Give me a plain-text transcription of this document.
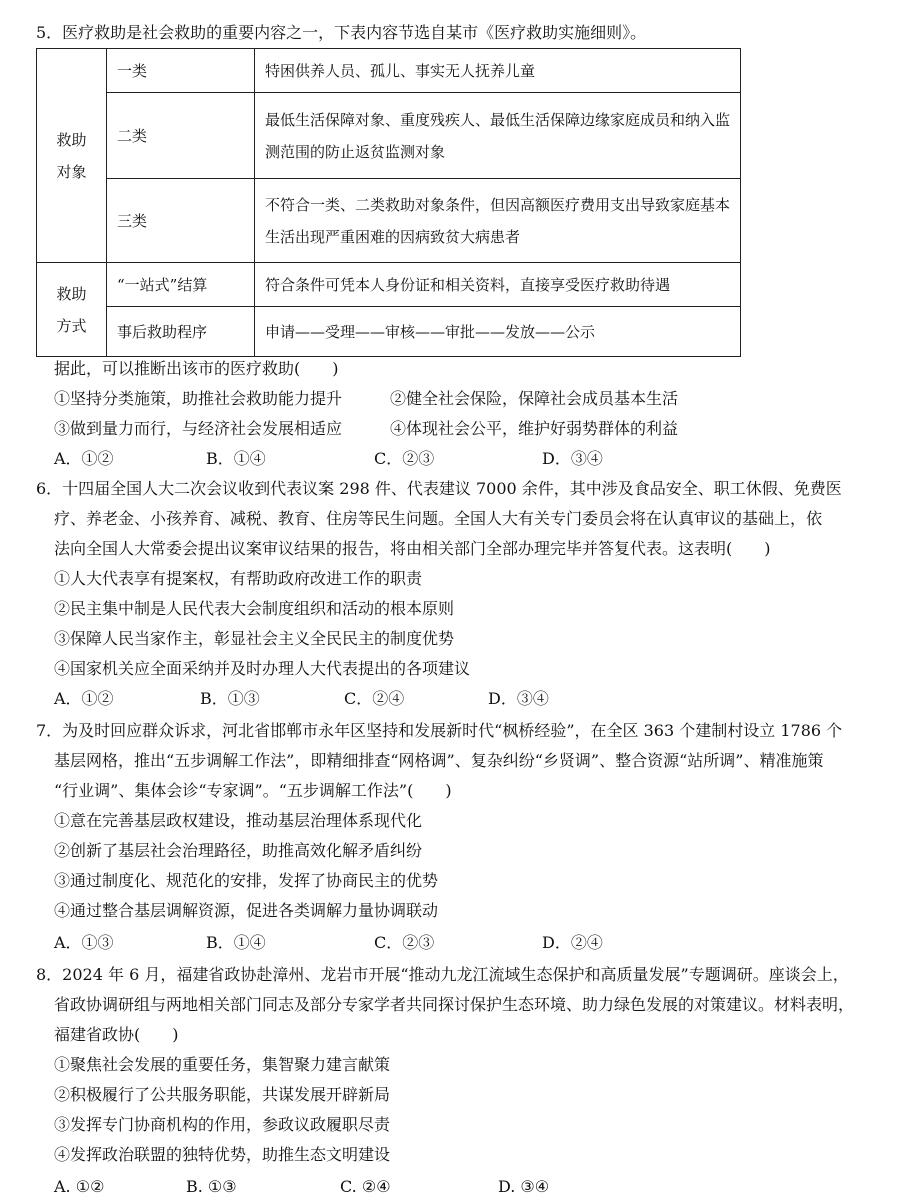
5．医疗救助是社会救助的重要内容之一，下表内容节选自某市《医疗救助实施细则》。
救助
对象	一类	特困供养人员、孤儿、事实无人抚养儿童
	二类	最低生活保障对象、重度残疾人、最低生活保障边缘家庭成员和纳入监测范围的防止返贫监测对象
	三类	不符合一类、二类救助对象条件，但因高额医疗费用支出导致家庭基本生活出现严重困难的因病致贫大病患者
救助
方式	“一站式”结算	符合条件可凭本人身份证和相关资料，直接享受医疗救助待遇
	事后救助程序	申请——受理——审核——审批——发放——公示
据此，可以推断出该市的医疗救助(　　)
①坚持分类施策，助推社会救助能力提升	②健全社会保险，保障社会成员基本生活
③做到量力而行，与经济社会发展相适应	④体现社会公平，维护好弱势群体的利益
A．①②	B．①④	C．②③	D．③④
6．十四届全国人大二次会议收到代表议案 298 件、代表建议 7000 余件，其中涉及食品安全、职工休假、免费医
疗、养老金、小孩养育、减税、教育、住房等民生问题。全国人大有关专门委员会将在认真审议的基础上，依
法向全国人大常委会提出议案审议结果的报告，将由相关部门全部办理完毕并答复代表。这表明(　　)
①人大代表享有提案权，有帮助政府改进工作的职责
②民主集中制是人民代表大会制度组织和活动的根本原则
③保障人民当家作主，彰显社会主义全民民主的制度优势
④国家机关应全面采纳并及时办理人大代表提出的各项建议
A．①②	B．①③	C．②④	D．③④
7．为及时回应群众诉求，河北省邯郸市永年区坚持和发展新时代“枫桥经验”，在全区 363 个建制村设立 1786 个
基层网格，推出“五步调解工作法”，即精细排查“网格调”、复杂纠纷“乡贤调”、整合资源“站所调”、精准施策
“行业调”、集体会诊“专家调”。“五步调解工作法”(　　)
①意在完善基层政权建设，推动基层治理体系现代化
②创新了基层社会治理路径，助推高效化解矛盾纠纷
③通过制度化、规范化的安排，发挥了协商民主的优势
④通过整合基层调解资源，促进各类调解力量协调联动
A．①③	B．①④	C．②③	D．②④
8．2024 年 6 月，福建省政协赴漳州、龙岩市开展“推动九龙江流域生态保护和高质量发展”专题调研。座谈会上，
省政协调研组与两地相关部门同志及部分专家学者共同探讨保护生态环境、助力绿色发展的对策建议。材料表明，
福建省政协(　　)
①聚焦社会发展的重要任务，集智聚力建言献策
②积极履行了公共服务职能，共谋发展开辟新局
③发挥专门协商机构的作用，参政议政履职尽责
④发挥政治联盟的独特优势，助推生态文明建设
A. ①②	B. ①③	C. ②④	D. ③④
